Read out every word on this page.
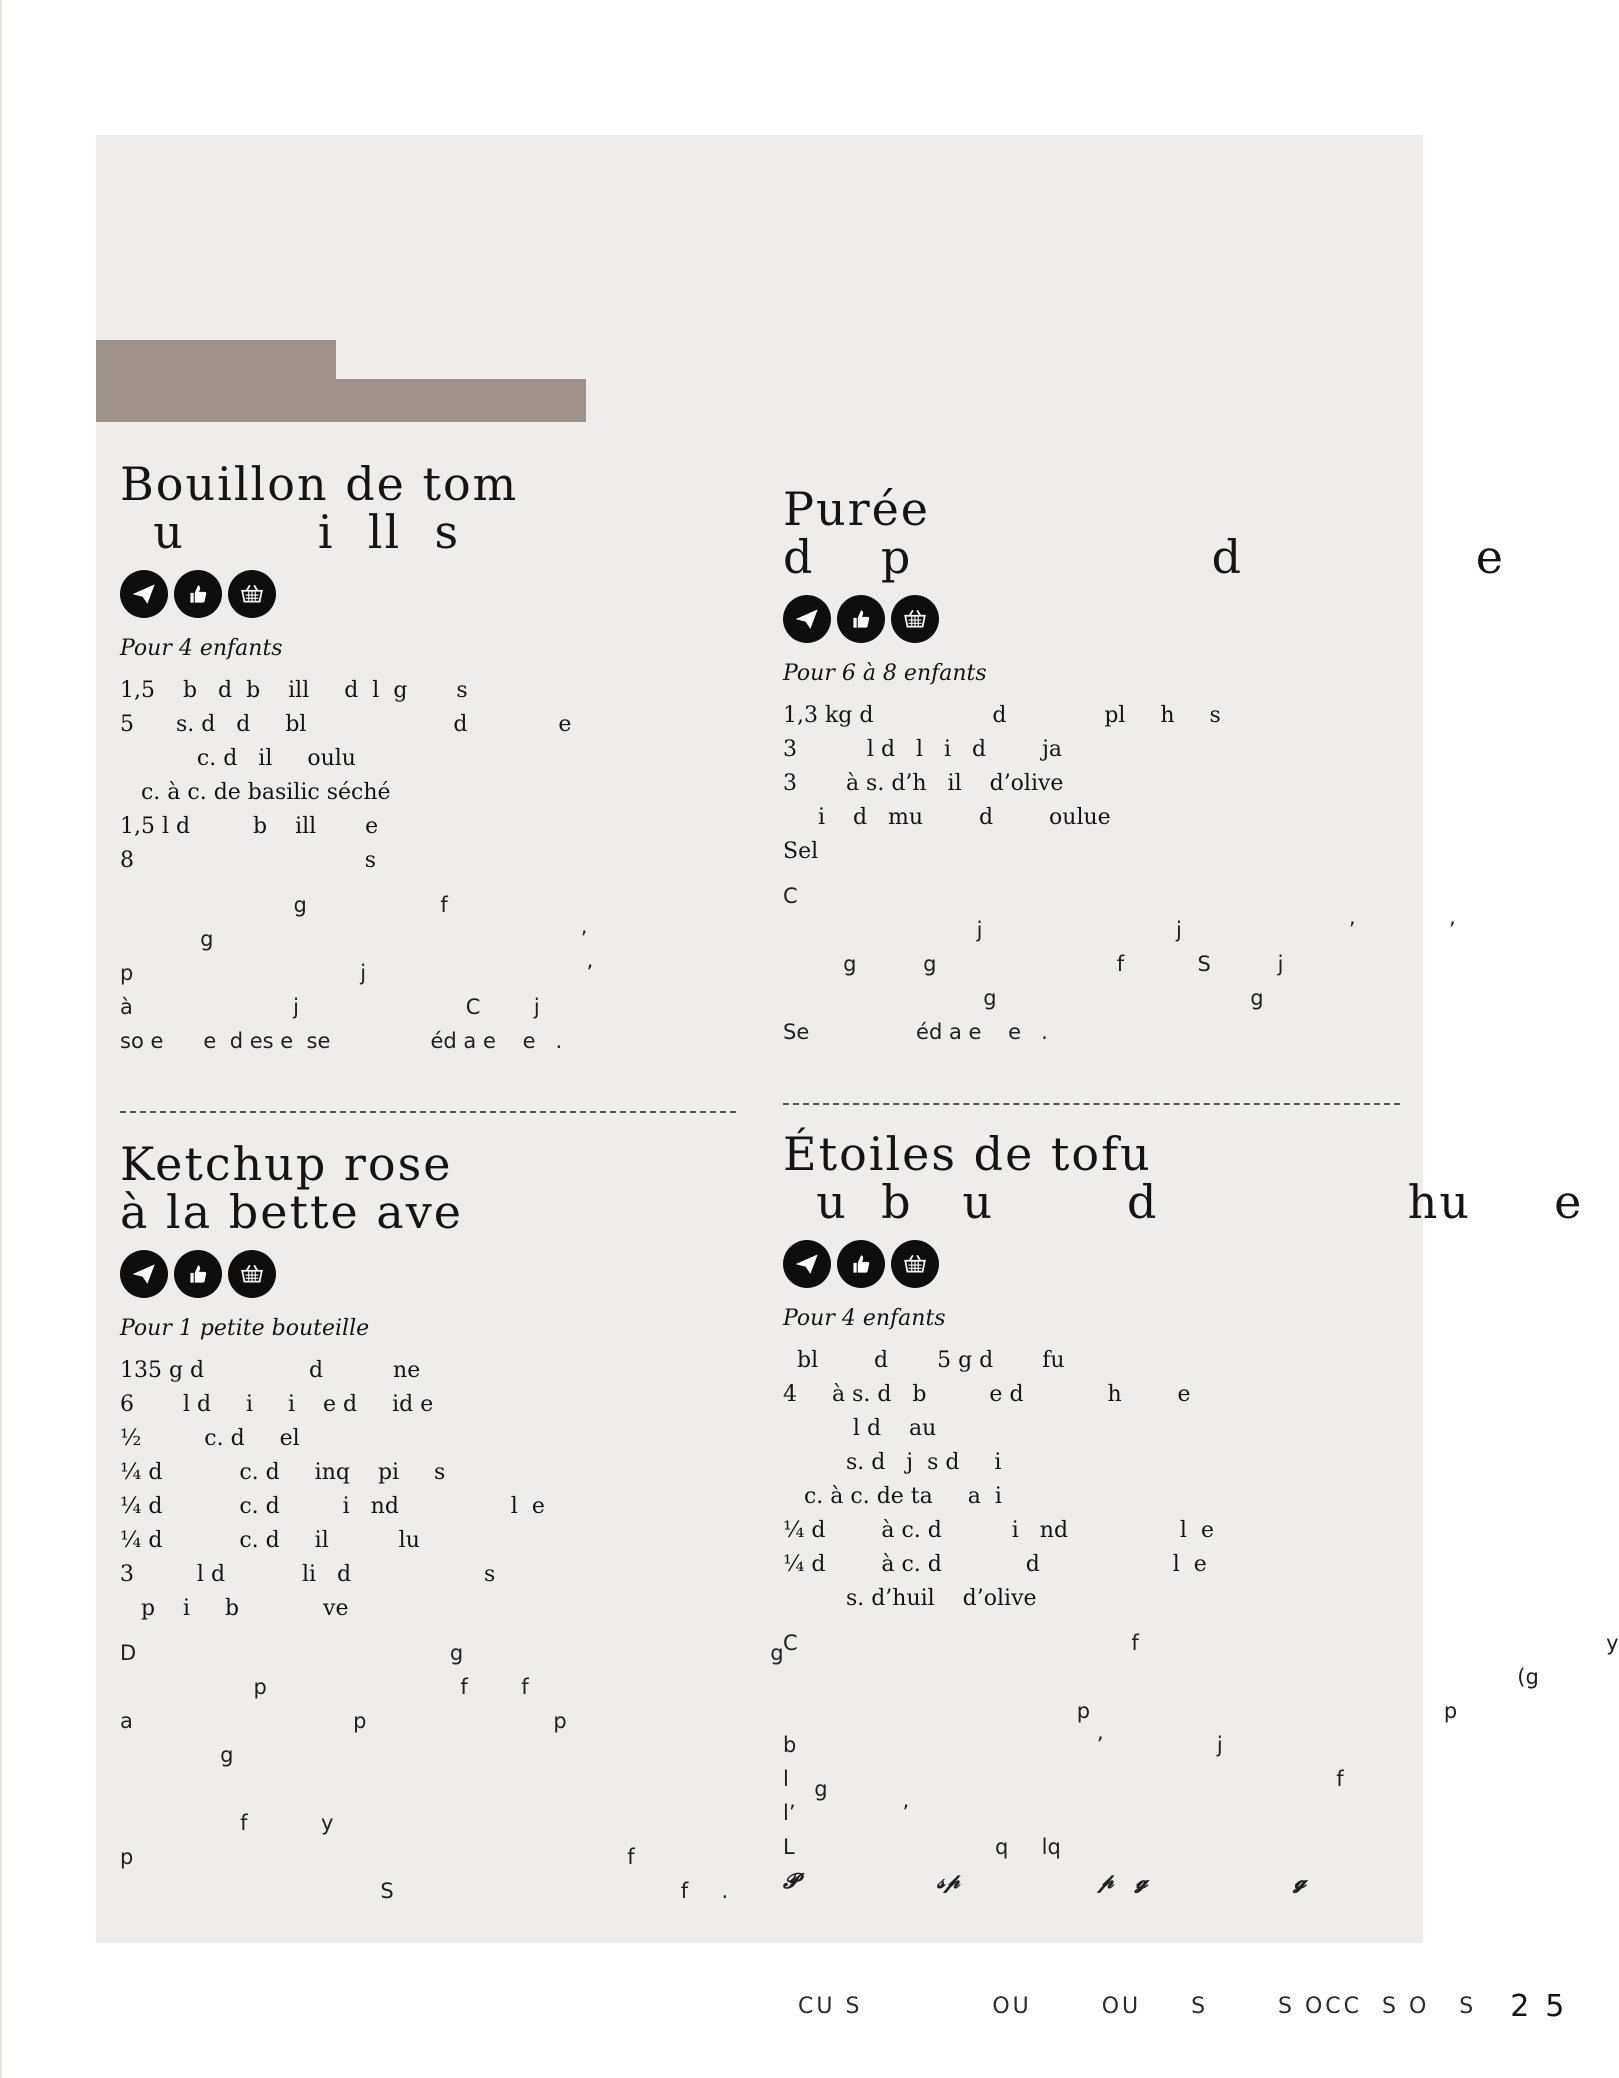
Bouillon de tom
u        i  ll  s
Pour 4 enfants
1,5    b   d  b    ill     d  l  g       s
5      s. d   d     bl                     d             e
c. d   il     oulu
c. à c. de basilic séché
1,5 l d         b    ill       e
8                                 s
g                    f
g                                                       ’
p                                  j                                 ’
à                        j                         C        j
so e      e  d es e  se               éd a e    e   .
Purée
d    p                  d              e
Pour 6 à 8 enfants
1,3 kg d                 d              pl     h     s
3          l d   l   i   d        ja
3       à s. d’h   il    d’olive
i    d   mu        d        oulue
Sel
C
j                             j                         ’              ’
g          g                           f           S          j
g                                      g
Se                éd a e    e   .
Ketchup rose
à la bette ave
Pour 1 petite bouteille
135 g d               d          ne
6       l d     i     i    e d     id e
½         c. d     el
¼ d           c. d     inq    pi     s
¼ d           c. d         i   nd                l  e
¼ d           c. d     il          lu
3         l d           li   d                   s
p    i     b            ve
D                                               g                                              g
p                             f        f
a                                 p                            p
g
g
f           y
p                                                                          f
S                                           f     .
Étoiles de tofu
u  b   u        d               hu     e
Pour 4 enfants
bl        d       5 g d       fu
4     à s. d   b         e d            h        e
l d    au
s. d   j  s d     i
c. à c. de ta     a  i
¼ d        à c. d          i   nd                l  e
¼ d        à c. d            d                   l  e
s. d’huil    d’olive
C                                                  f                                                                      y
(g
p                                                     p
b                                             ’                 j
l                                                                                  f
l’                ’
L                              q     lq
𝓟                   𝓈𝓅                   𝓅   𝓰                    𝓰
CU S             OU       OU     S       S OCC  S O   S 25
